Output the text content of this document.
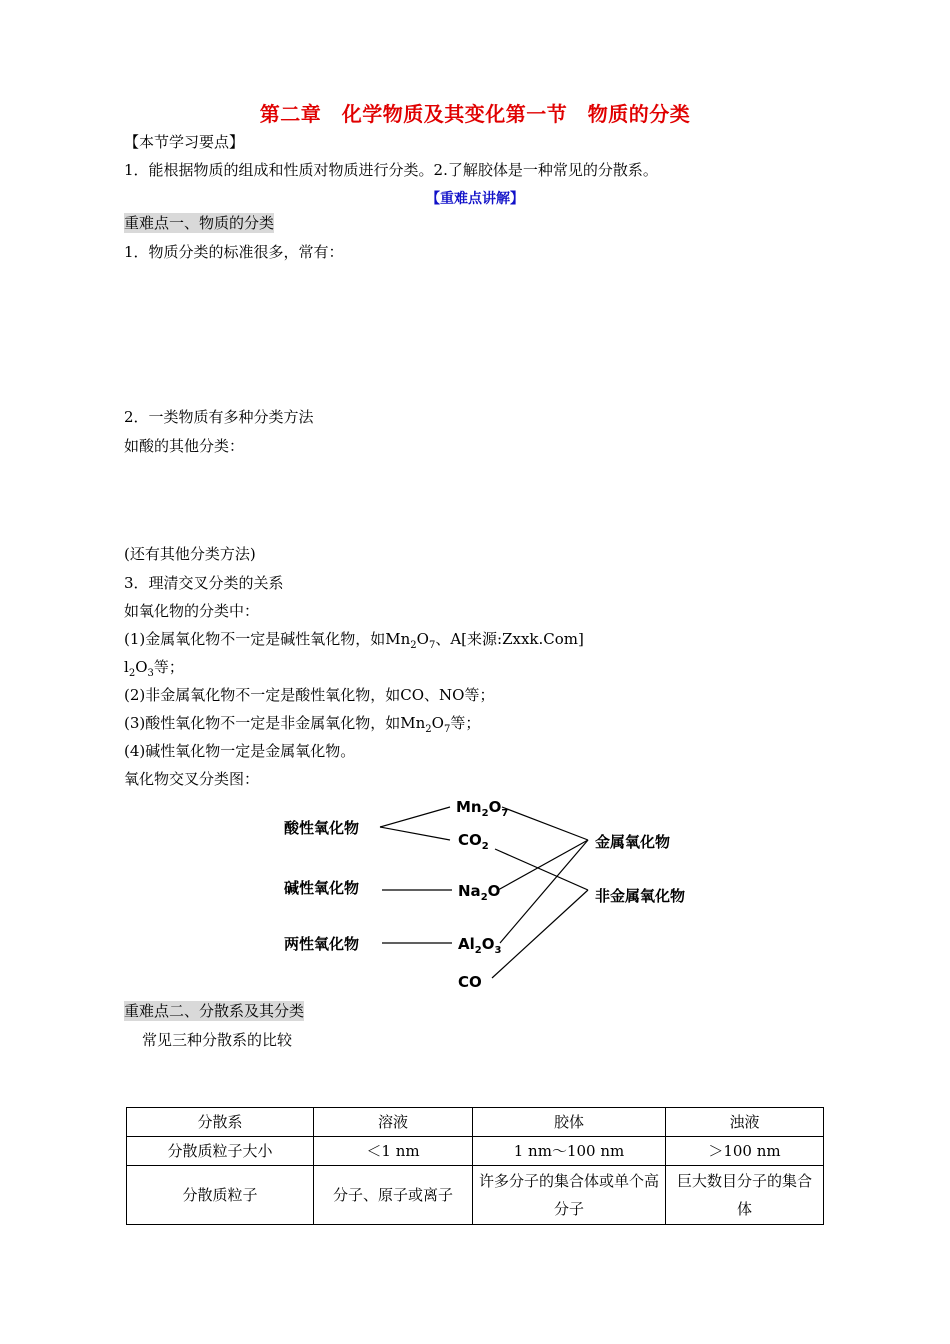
第二章　化学物质及其变化第一节　物质的分类
【本节学习要点】
1．能根据物质的组成和性质对物质进行分类。2.了解胶体是一种常见的分散系。
【重难点讲解】
重难点一、物质的分类
1．物质分类的标准很多，常有：
2．一类物质有多种分类方法
如酸的其他分类：
(还有其他分类方法)
3．理清交叉分类的关系
如氧化物的分类中：
(1)金属氧化物不一定是碱性氧化物，如$Mn_2O_7$、A[来源:Zxxk.Com]
$l_2O_3$等；
(2)非金属氧化物不一定是酸性氧化物，如CO、NO等；
(3)酸性氧化物不一定是非金属氧化物，如$Mn_2O_7$等；
(4)碱性氧化物一定是金属氧化物。
氧化物交叉分类图：
酸性氧化物
碱性氧化物
两性氧化物
$Mn_2O_7$
$CO_2$
$Na_2O$
$Al_2O_3$
CO
金属氧化物
非金属氧化物
重难点二、分散系及其分类
常见三种分散系的比较
分散系	溶液	胶体	浊液
分散质粒子大小	＜1 nm	1 nm～100 nm	＞100 nm
分散质粒子	分子、原子或离子	许多分子的集合体或单个高分子	巨大数目分子的集合体
